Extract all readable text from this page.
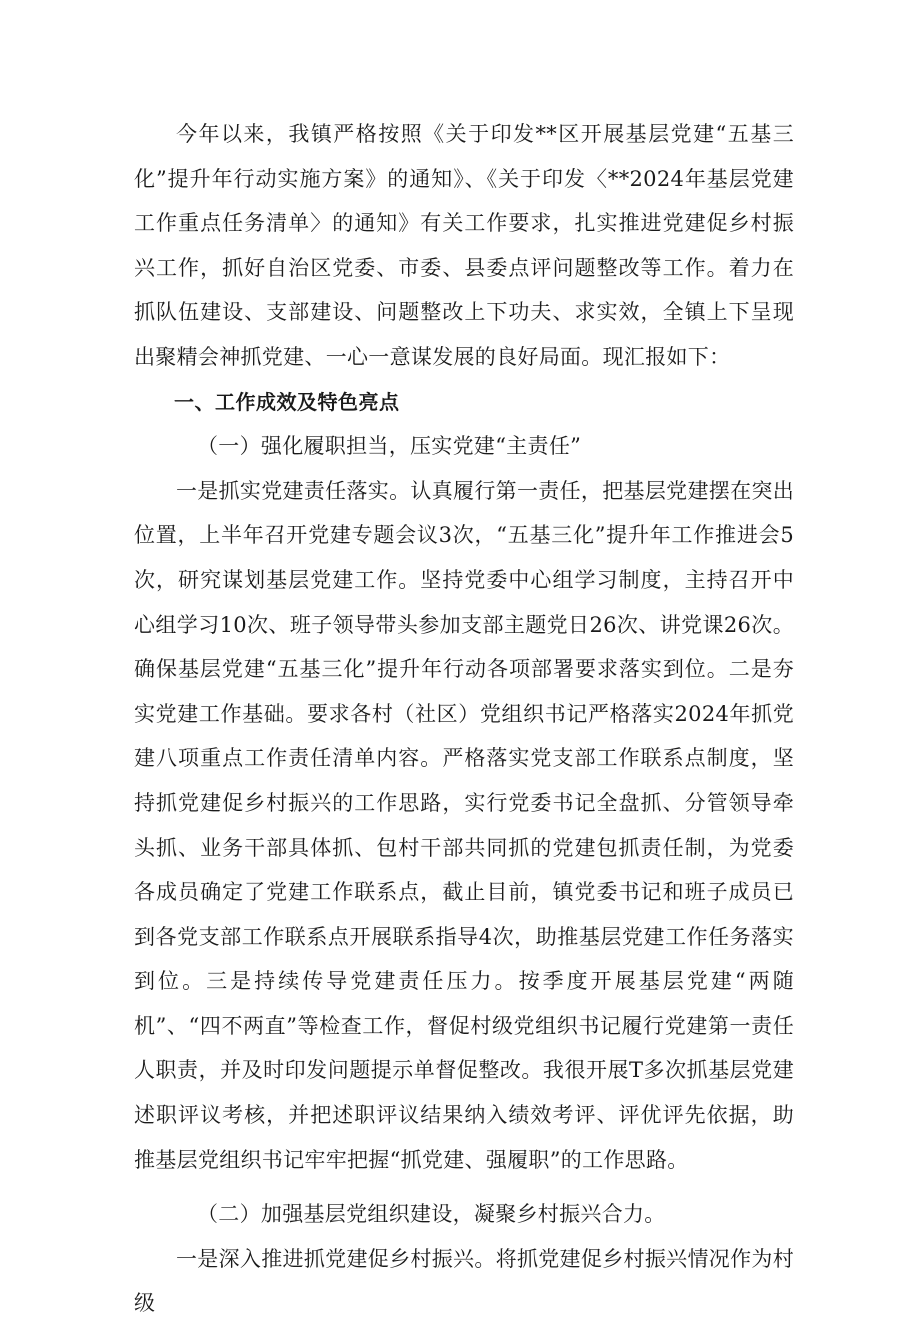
今年以来，我镇严格按照《关于印发**区开展基层党建“五基三化”提升年行动实施方案》的通知》、《关于印发〈**2024年基层党建工作重点任务清单〉的通知》有关工作要求，扎实推进党建促乡村振兴工作，抓好自治区党委、市委、县委点评问题整改等工作。着力在抓队伍建设、支部建设、问题整改上下功夫、求实效，全镇上下呈现出聚精会神抓党建、一心一意谋发展的良好局面。现汇报如下：

一、工作成效及特色亮点

（一）强化履职担当，压实党建“主责任”

一是抓实党建责任落实。认真履行第一责任，把基层党建摆在突出位置，上半年召开党建专题会议3次，“五基三化”提升年工作推进会5次，研究谋划基层党建工作。坚持党委中心组学习制度，主持召开中心组学习10次、班子领导带头参加支部主题党日26次、讲党课26次。确保基层党建“五基三化”提升年行动各项部署要求落实到位。二是夯实党建工作基础。要求各村（社区）党组织书记严格落实2024年抓党建八项重点工作责任清单内容。严格落实党支部工作联系点制度，坚持抓党建促乡村振兴的工作思路，实行党委书记全盘抓、分管领导牵头抓、业务干部具体抓、包村干部共同抓的党建包抓责任制，为党委各成员确定了党建工作联系点，截止目前，镇党委书记和班子成员已到各党支部工作联系点开展联系指导4次，助推基层党建工作任务落实到位。三是持续传导党建责任压力。按季度开展基层党建“两随机”、“四不两直”等检查工作，督促村级党组织书记履行党建第一责任人职责，并及时印发问题提示单督促整改。我很开展T多次抓基层党建述职评议考核，并把述职评议结果纳入绩效考评、评优评先依据，助推基层党组织书记牢牢把握“抓党建、强履职”的工作思路。

（二）加强基层党组织建设，凝聚乡村振兴合力。

一是深入推进抓党建促乡村振兴。将抓党建促乡村振兴情况作为村级
